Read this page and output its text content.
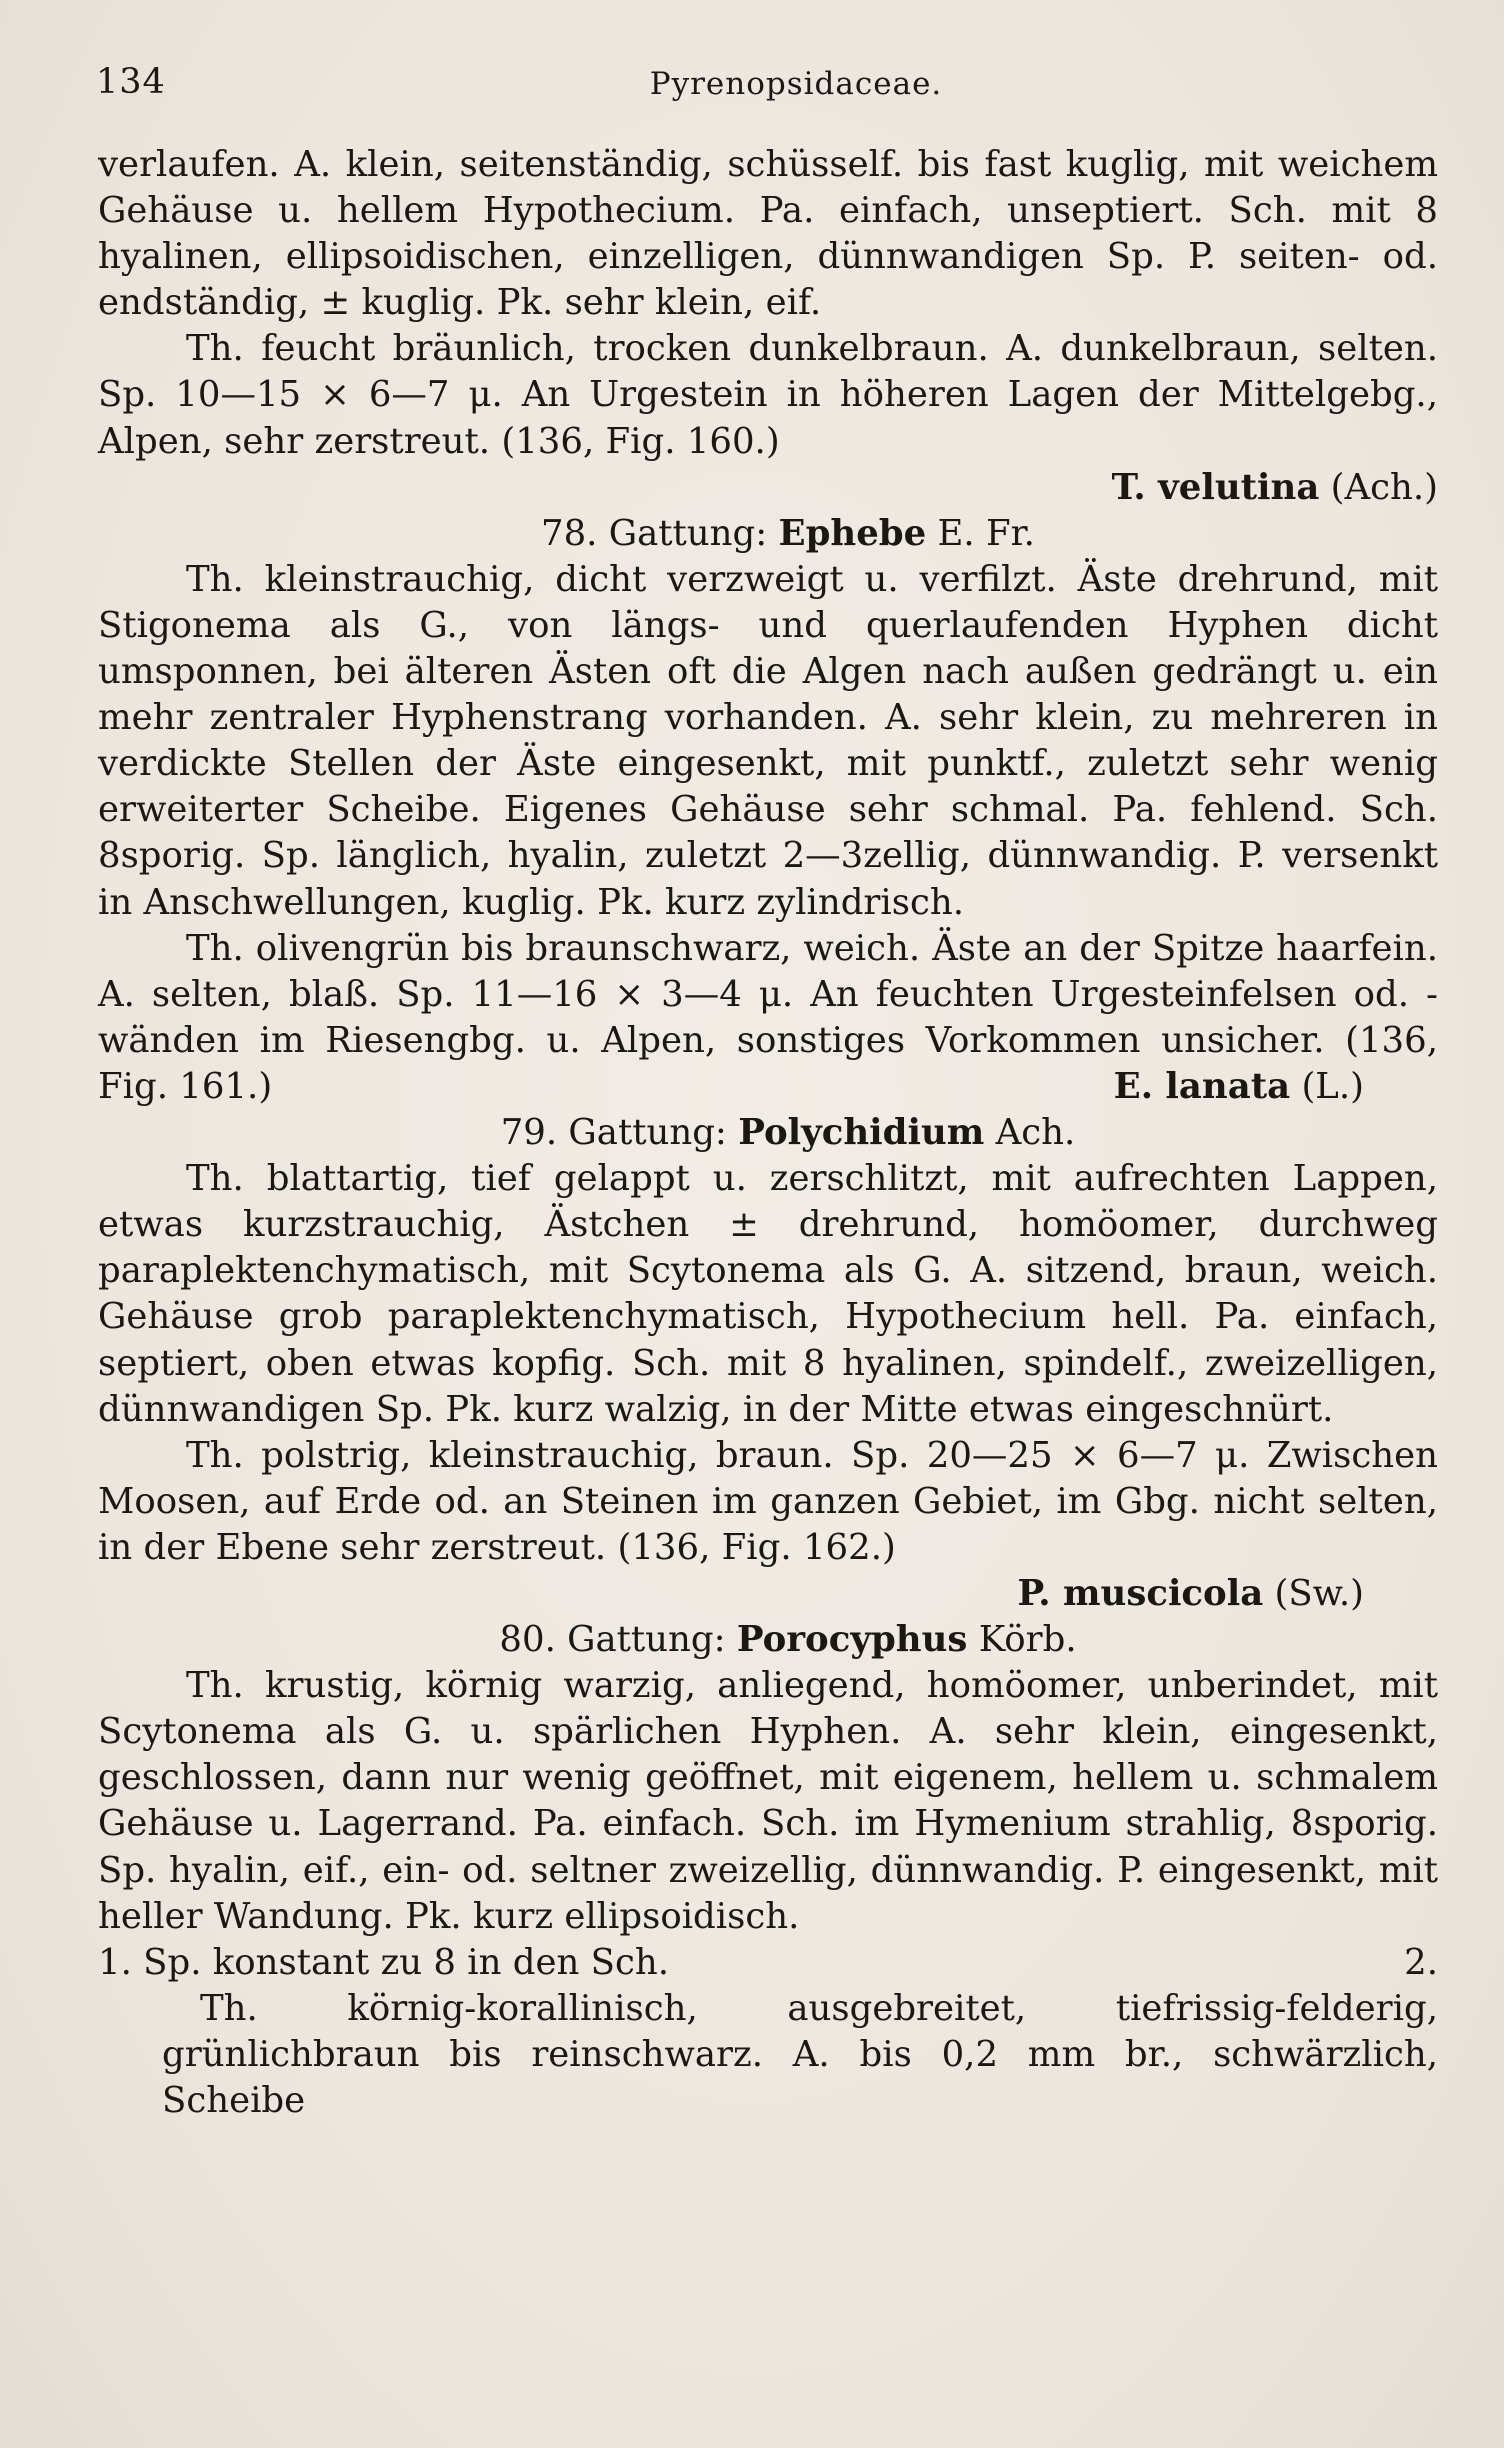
134	Pyrenopsidaceae.
verlaufen. A. klein, seitenständig, schüsself. bis fast kuglig, mit weichem Gehäuse u. hellem Hypothecium. Pa. einfach, unseptiert. Sch. mit 8 hyalinen, ellipsoidischen, einzelligen, dünnwandigen Sp. P. seiten- od. endständig, ± kuglig. Pk. sehr klein, eif.
Th. feucht bräunlich, trocken dunkelbraun. A. dunkelbraun, selten. Sp. 10—15 × 6—7 μ. An Urgestein in höheren Lagen der Mittelgebg., Alpen, sehr zerstreut. (136, Fig. 160.)
T. velutina (Ach.)
78. Gattung: Ephebe E. Fr.
Th. kleinstrauchig, dicht verzweigt u. verfilzt. Äste drehrund, mit Stigonema als G., von längs- und querlaufenden Hyphen dicht umsponnen, bei älteren Ästen oft die Algen nach außen gedrängt u. ein mehr zentraler Hyphenstrang vorhanden. A. sehr klein, zu mehreren in verdickte Stellen der Äste eingesenkt, mit punktf., zuletzt sehr wenig erweiterter Scheibe. Eigenes Gehäuse sehr schmal. Pa. fehlend. Sch. 8sporig. Sp. länglich, hyalin, zuletzt 2—3zellig, dünnwandig. P. versenkt in Anschwellungen, kuglig. Pk. kurz zylindrisch.
Th. olivengrün bis braunschwarz, weich. Äste an der Spitze haarfein. A. selten, blaß. Sp. 11—16 × 3—4 μ. An feuchten Urgesteinfelsen od. -wänden im Riesengbg. u. Alpen, sonstiges Vorkommen unsicher. (136, Fig. 161.)	E. lanata (L.)
79. Gattung: Polychidium Ach.
Th. blattartig, tief gelappt u. zerschlitzt, mit aufrechten Lappen, etwas kurzstrauchig, Ästchen ± drehrund, homöomer, durchweg paraplektenchymatisch, mit Scytonema als G. A. sitzend, braun, weich. Gehäuse grob paraplektenchymatisch, Hypothecium hell. Pa. einfach, septiert, oben etwas kopfig. Sch. mit 8 hyalinen, spindelf., zweizelligen, dünnwandigen Sp. Pk. kurz walzig, in der Mitte etwas eingeschnürt.
Th. polstrig, kleinstrauchig, braun. Sp. 20—25 × 6—7 μ. Zwischen Moosen, auf Erde od. an Steinen im ganzen Gebiet, im Gbg. nicht selten, in der Ebene sehr zerstreut. (136, Fig. 162.)
P. muscicola (Sw.)
80. Gattung: Porocyphus Körb.
Th. krustig, körnig warzig, anliegend, homöomer, unberindet, mit Scytonema als G. u. spärlichen Hyphen. A. sehr klein, eingesenkt, geschlossen, dann nur wenig geöffnet, mit eigenem, hellem u. schmalem Gehäuse u. Lagerrand. Pa. einfach. Sch. im Hymenium strahlig, 8sporig. Sp. hyalin, eif., ein- od. seltner zweizellig, dünnwandig. P. eingesenkt, mit heller Wandung. Pk. kurz ellipsoidisch.
1. Sp. konstant zu 8 in den Sch.	2.
Th. körnig-korallinisch, ausgebreitet, tiefrissig-felderig, grünlichbraun bis reinschwarz. A. bis 0,2 mm br., schwärzlich, Scheibe
